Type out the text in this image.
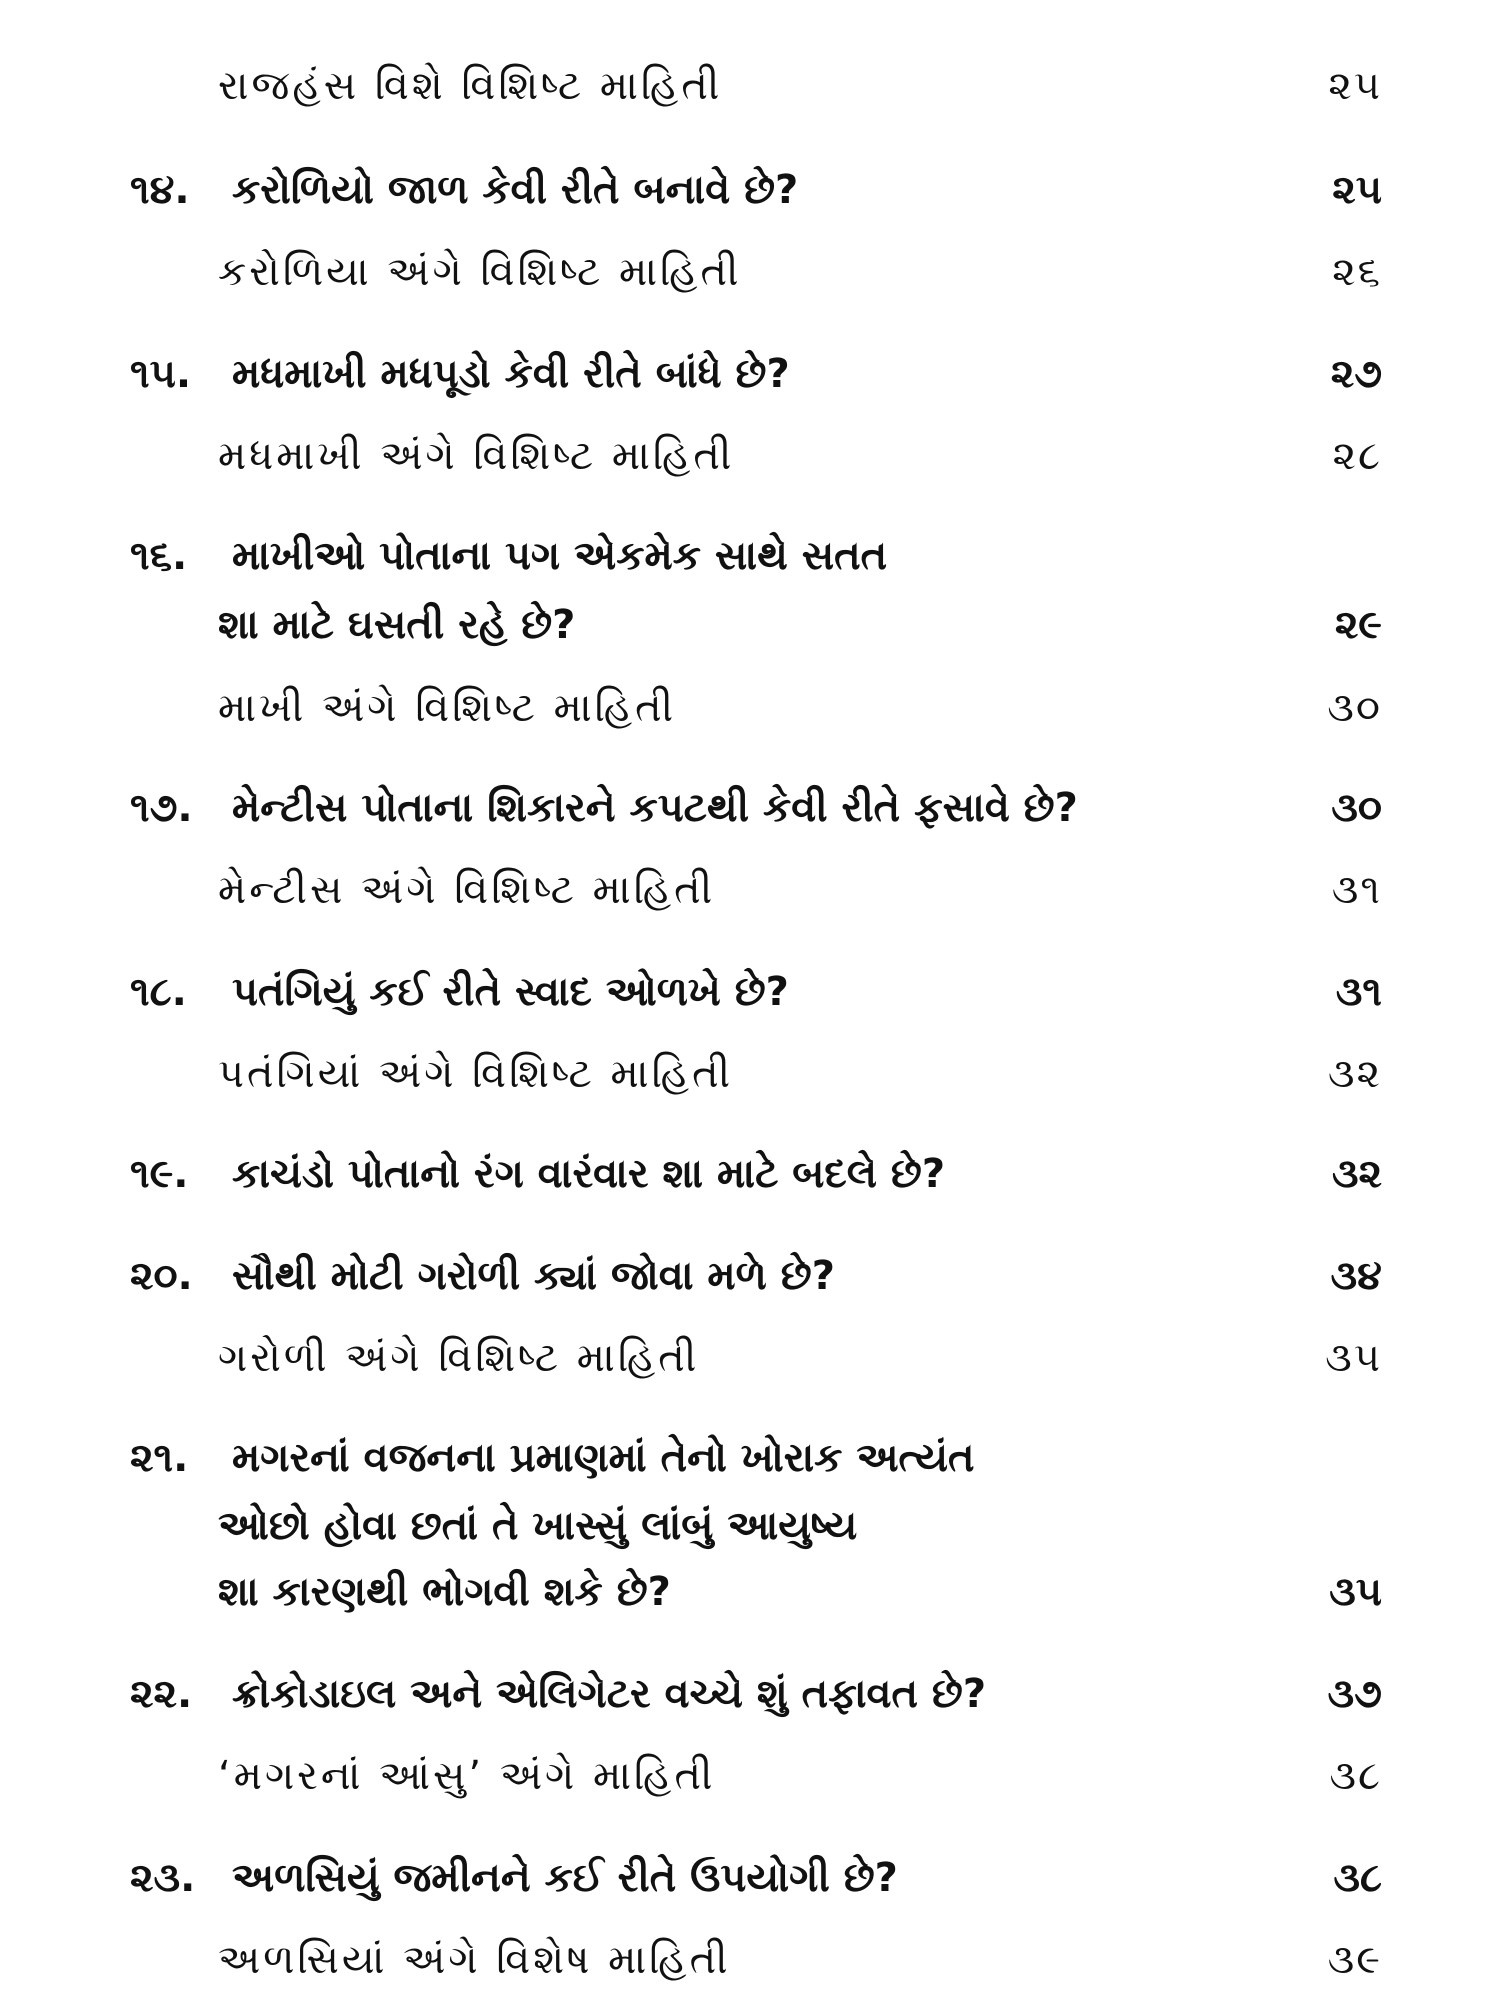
રાજહંસ વિશે વિશિષ્ટ માહિતી	૨૫
૧૪. કરોળિયો જાળ કેવી રીતે બનાવે છે?	૨૫
કરોળિયા અંગે વિશિષ્ટ માહિતી	૨૬
૧૫. મધમાખી મધપૂડો કેવી રીતે બાંધે છે?	૨૭
મધમાખી અંગે વિશિષ્ટ માહિતી	૨૮
૧૬. માખીઓ પોતાના પગ એકમેક સાથે સતત
શા માટે ઘસતી રહે છે?	૨૯
માખી અંગે વિશિષ્ટ માહિતી	૩૦
૧૭. મેન્ટીસ પોતાના શિકારને કપટથી કેવી રીતે ફસાવે છે?	૩૦
મેન્ટીસ અંગે વિશિષ્ટ માહિતી	૩૧
૧૮. પતંગિયું કઈ રીતે સ્વાદ ઓળખે છે?	૩૧
પતંગિયાં અંગે વિશિષ્ટ માહિતી	૩૨
૧૯. કાચંડો પોતાનો રંગ વારંવાર શા માટે બદલે છે?	૩૨
૨૦. સૌથી મોટી ગરોળી ક્યાં જોવા મળે છે?	૩૪
ગરોળી અંગે વિશિષ્ટ માહિતી	૩૫
૨૧. મગરનાં વજનના પ્રમાણમાં તેનો ખોરાક અત્યંત
ઓછો હોવા છતાં તે ખાસ્સું લાંબું આયુષ્ય
શા કારણથી ભોગવી શકે છે?	૩૫
૨૨. ક્રોકોડાઇલ અને એલિગેટર વચ્ચે શું તફાવત છે?	૩૭
‘મગરનાં આંસુ’ અંગે માહિતી	૩૮
૨૩. અળસિયું જમીનને કઈ રીતે ઉપયોગી છે?	૩૮
અળસિયાં અંગે વિશેષ માહિતી	૩૯
